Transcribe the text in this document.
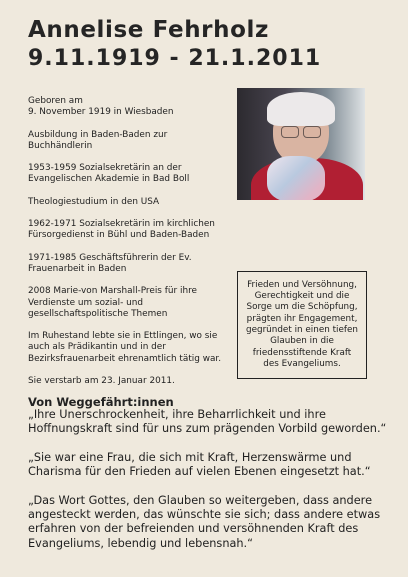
Annelise Fehrholz
9.11.1919 - 21.1.2011

Geboren am
9. November 1919 in Wiesbaden

Ausbildung in Baden-Baden zur
Buchhändlerin

1953-1959 Sozialsekretärin an der
Evangelischen Akademie in Bad Boll

Theologiestudium in den USA

1962-1971 Sozialsekretärin im kirchlichen
Fürsorgedienst in Bühl und Baden-Baden

1971-1985 Geschäftsführerin der Ev.
Frauenarbeit in Baden

2008 Marie-von Marshall-Preis für ihre
Verdienste um sozial- und
gesellschaftspolitische Themen

Im Ruhestand lebte sie in Ettlingen, wo sie
auch als Prädikantin und in der
Bezirksfrauenarbeit ehrenamtlich tätig war.

Sie verstarb am 23. Januar 2011.

Frieden und Versöhnung, Gerechtigkeit und die Sorge um die Schöpfung, prägten ihr Engagement, gegründet in einen tiefen Glauben in die friedensstiftende Kraft des Evangeliums.
Von Weggefährt:innen

„Ihre Unerschrockenheit, ihre Beharrlichkeit und ihre Hoffnungskraft sind für uns zum prägenden Vorbild geworden.“

„Sie war eine Frau, die sich mit Kraft, Herzenswärme und Charisma für den Frieden auf vielen Ebenen eingesetzt hat.“

„Das Wort Gottes, den Glauben so weitergeben, dass andere angesteckt werden, das wünschte sie sich; dass andere etwas erfahren von der befreienden und versöhnenden Kraft des Evangeliums, lebendig und lebensnah.“
